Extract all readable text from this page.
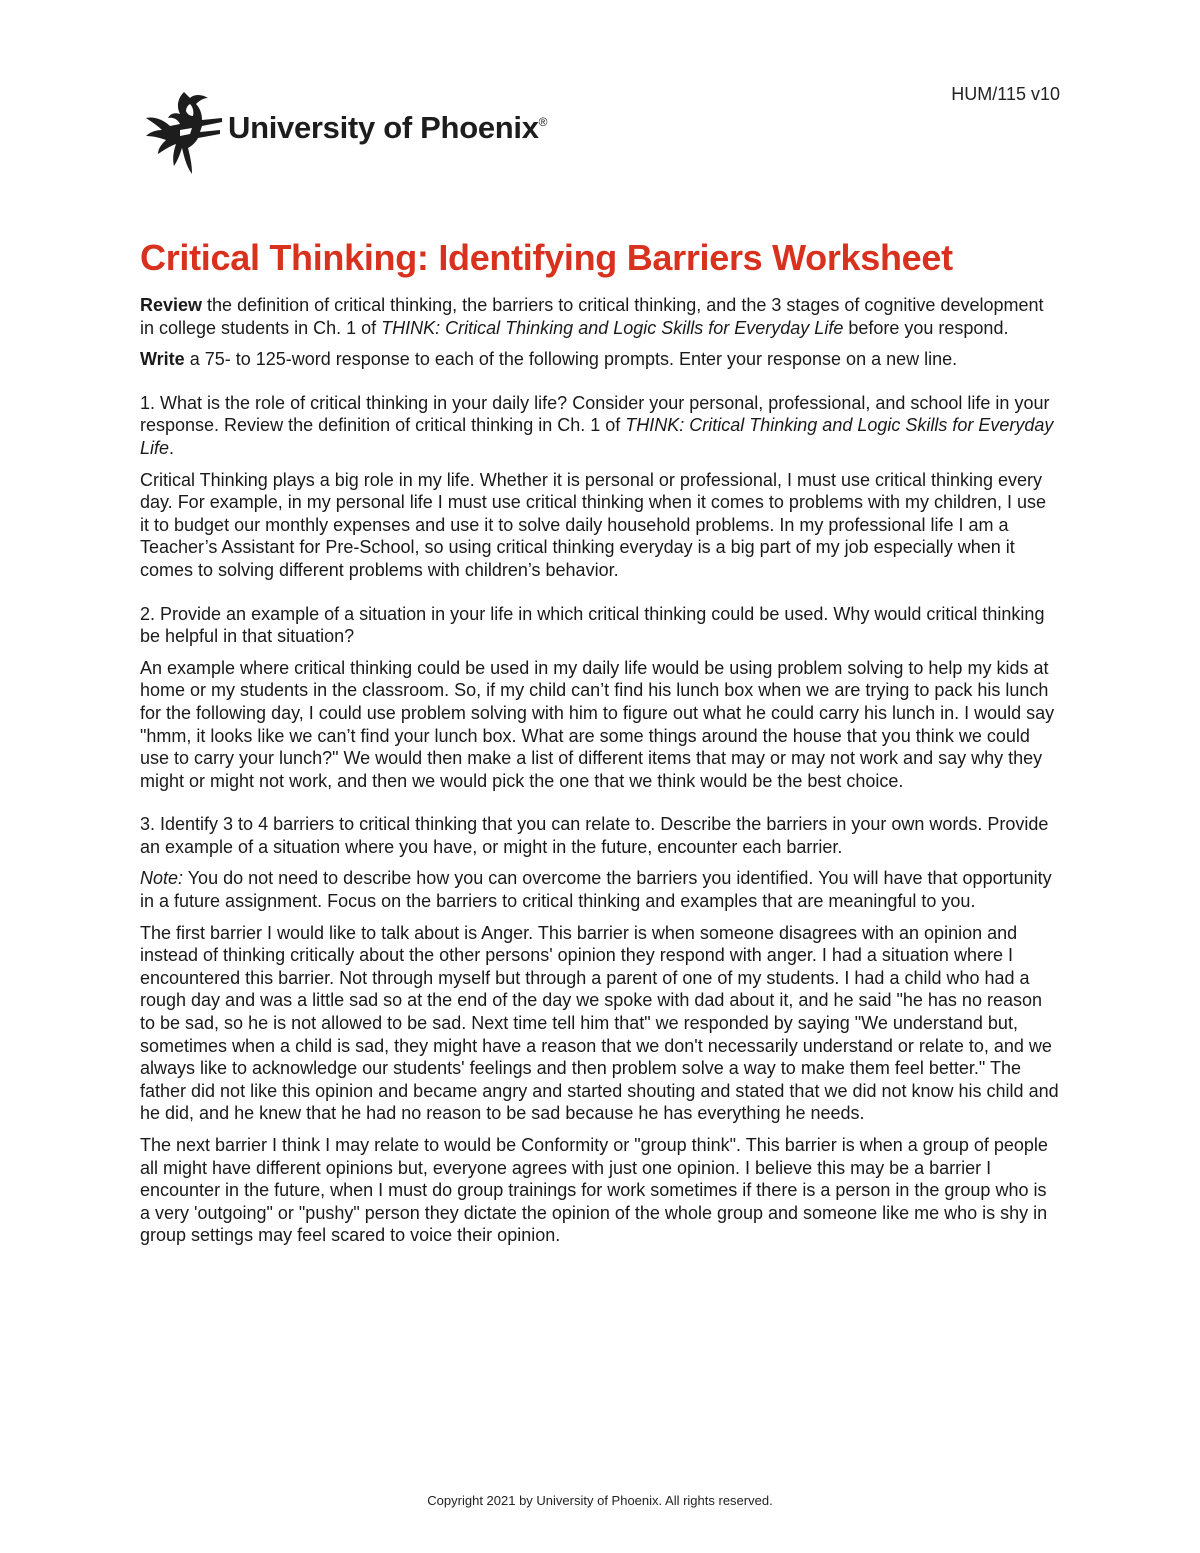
HUM/115 v10
University of Phoenix®
Critical Thinking: Identifying Barriers Worksheet

Review the definition of critical thinking, the barriers to critical thinking, and the 3 stages of cognitive development in college students in Ch. 1 of THINK: Critical Thinking and Logic Skills for Everyday Life before you respond.

Write a 75- to 125-word response to each of the following prompts. Enter your response on a new line.

1. What is the role of critical thinking in your daily life? Consider your personal, professional, and school life in your response. Review the definition of critical thinking in Ch. 1 of THINK: Critical Thinking and Logic Skills for Everyday Life.

Critical Thinking plays a big role in my life. Whether it is personal or professional, I must use critical thinking every day. For example, in my personal life I must use critical thinking when it comes to problems with my children, I use it to budget our monthly expenses and use it to solve daily household problems. In my professional life I am a Teacher’s Assistant for Pre-School, so using critical thinking everyday is a big part of my job especially when it comes to solving different problems with children’s behavior.

2. Provide an example of a situation in your life in which critical thinking could be used. Why would critical thinking be helpful in that situation?

An example where critical thinking could be used in my daily life would be using problem solving to help my kids at home or my students in the classroom. So, if my child can’t find his lunch box when we are trying to pack his lunch for the following day, I could use problem solving with him to figure out what he could carry his lunch in. I would say "hmm, it looks like we can’t find your lunch box. What are some things around the house that you think we could use to carry your lunch?" We would then make a list of different items that may or may not work and say why they might or might not work, and then we would pick the one that we think would be the best choice.

3. Identify 3 to 4 barriers to critical thinking that you can relate to. Describe the barriers in your own words. Provide an example of a situation where you have, or might in the future, encounter each barrier.

Note: You do not need to describe how you can overcome the barriers you identified. You will have that opportunity in a future assignment. Focus on the barriers to critical thinking and examples that are meaningful to you.

The first barrier I would like to talk about is Anger. This barrier is when someone disagrees with an opinion and instead of thinking critically about the other persons' opinion they respond with anger. I had a situation where I encountered this barrier. Not through myself but through a parent of one of my students. I had a child who had a rough day and was a little sad so at the end of the day we spoke with dad about it, and he said "he has no reason to be sad, so he is not allowed to be sad. Next time tell him that" we responded by saying "We understand but, sometimes when a child is sad, they might have a reason that we don't necessarily understand or relate to, and we always like to acknowledge our students' feelings and then problem solve a way to make them feel better." The father did not like this opinion and became angry and started shouting and stated that we did not know his child and he did, and he knew that he had no reason to be sad because he has everything he needs.

The next barrier I think I may relate to would be Conformity or "group think". This barrier is when a group of people all might have different opinions but, everyone agrees with just one opinion. I believe this may be a barrier I encounter in the future, when I must do group trainings for work sometimes if there is a person in the group who is a very 'outgoing" or "pushy" person they dictate the opinion of the whole group and someone like me who is shy in group settings may feel scared to voice their opinion.

Copyright 2021 by University of Phoenix. All rights reserved.
